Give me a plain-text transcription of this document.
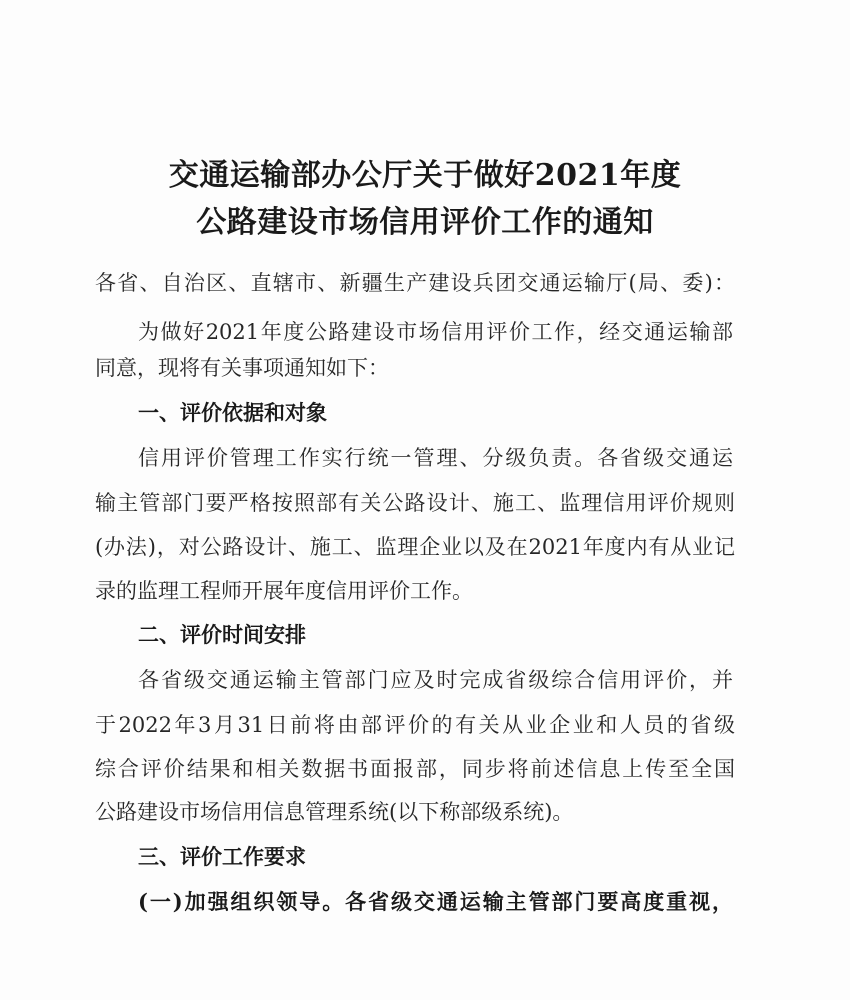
交通运输部办公厅关于做好2021年度
公路建设市场信用评价工作的通知
各省、自治区、直辖市、新疆生产建设兵团交通运输厅(局、委)：
为做好2021年度公路建设市场信用评价工作，经交通运输部
同意，现将有关事项通知如下：
一、评价依据和对象
信用评价管理工作实行统一管理、分级负责。各省级交通运
输主管部门要严格按照部有关公路设计、施工、监理信用评价规则
(办法)，对公路设计、施工、监理企业以及在2021年度内有从业记
录的监理工程师开展年度信用评价工作。
二、评价时间安排
各省级交通运输主管部门应及时完成省级综合信用评价，并
于2022年3月31日前将由部评价的有关从业企业和人员的省级
综合评价结果和相关数据书面报部，同步将前述信息上传至全国
公路建设市场信用信息管理系统(以下称部级系统)。
三、评价工作要求
(一)加强组织领导。各省级交通运输主管部门要高度重视，
